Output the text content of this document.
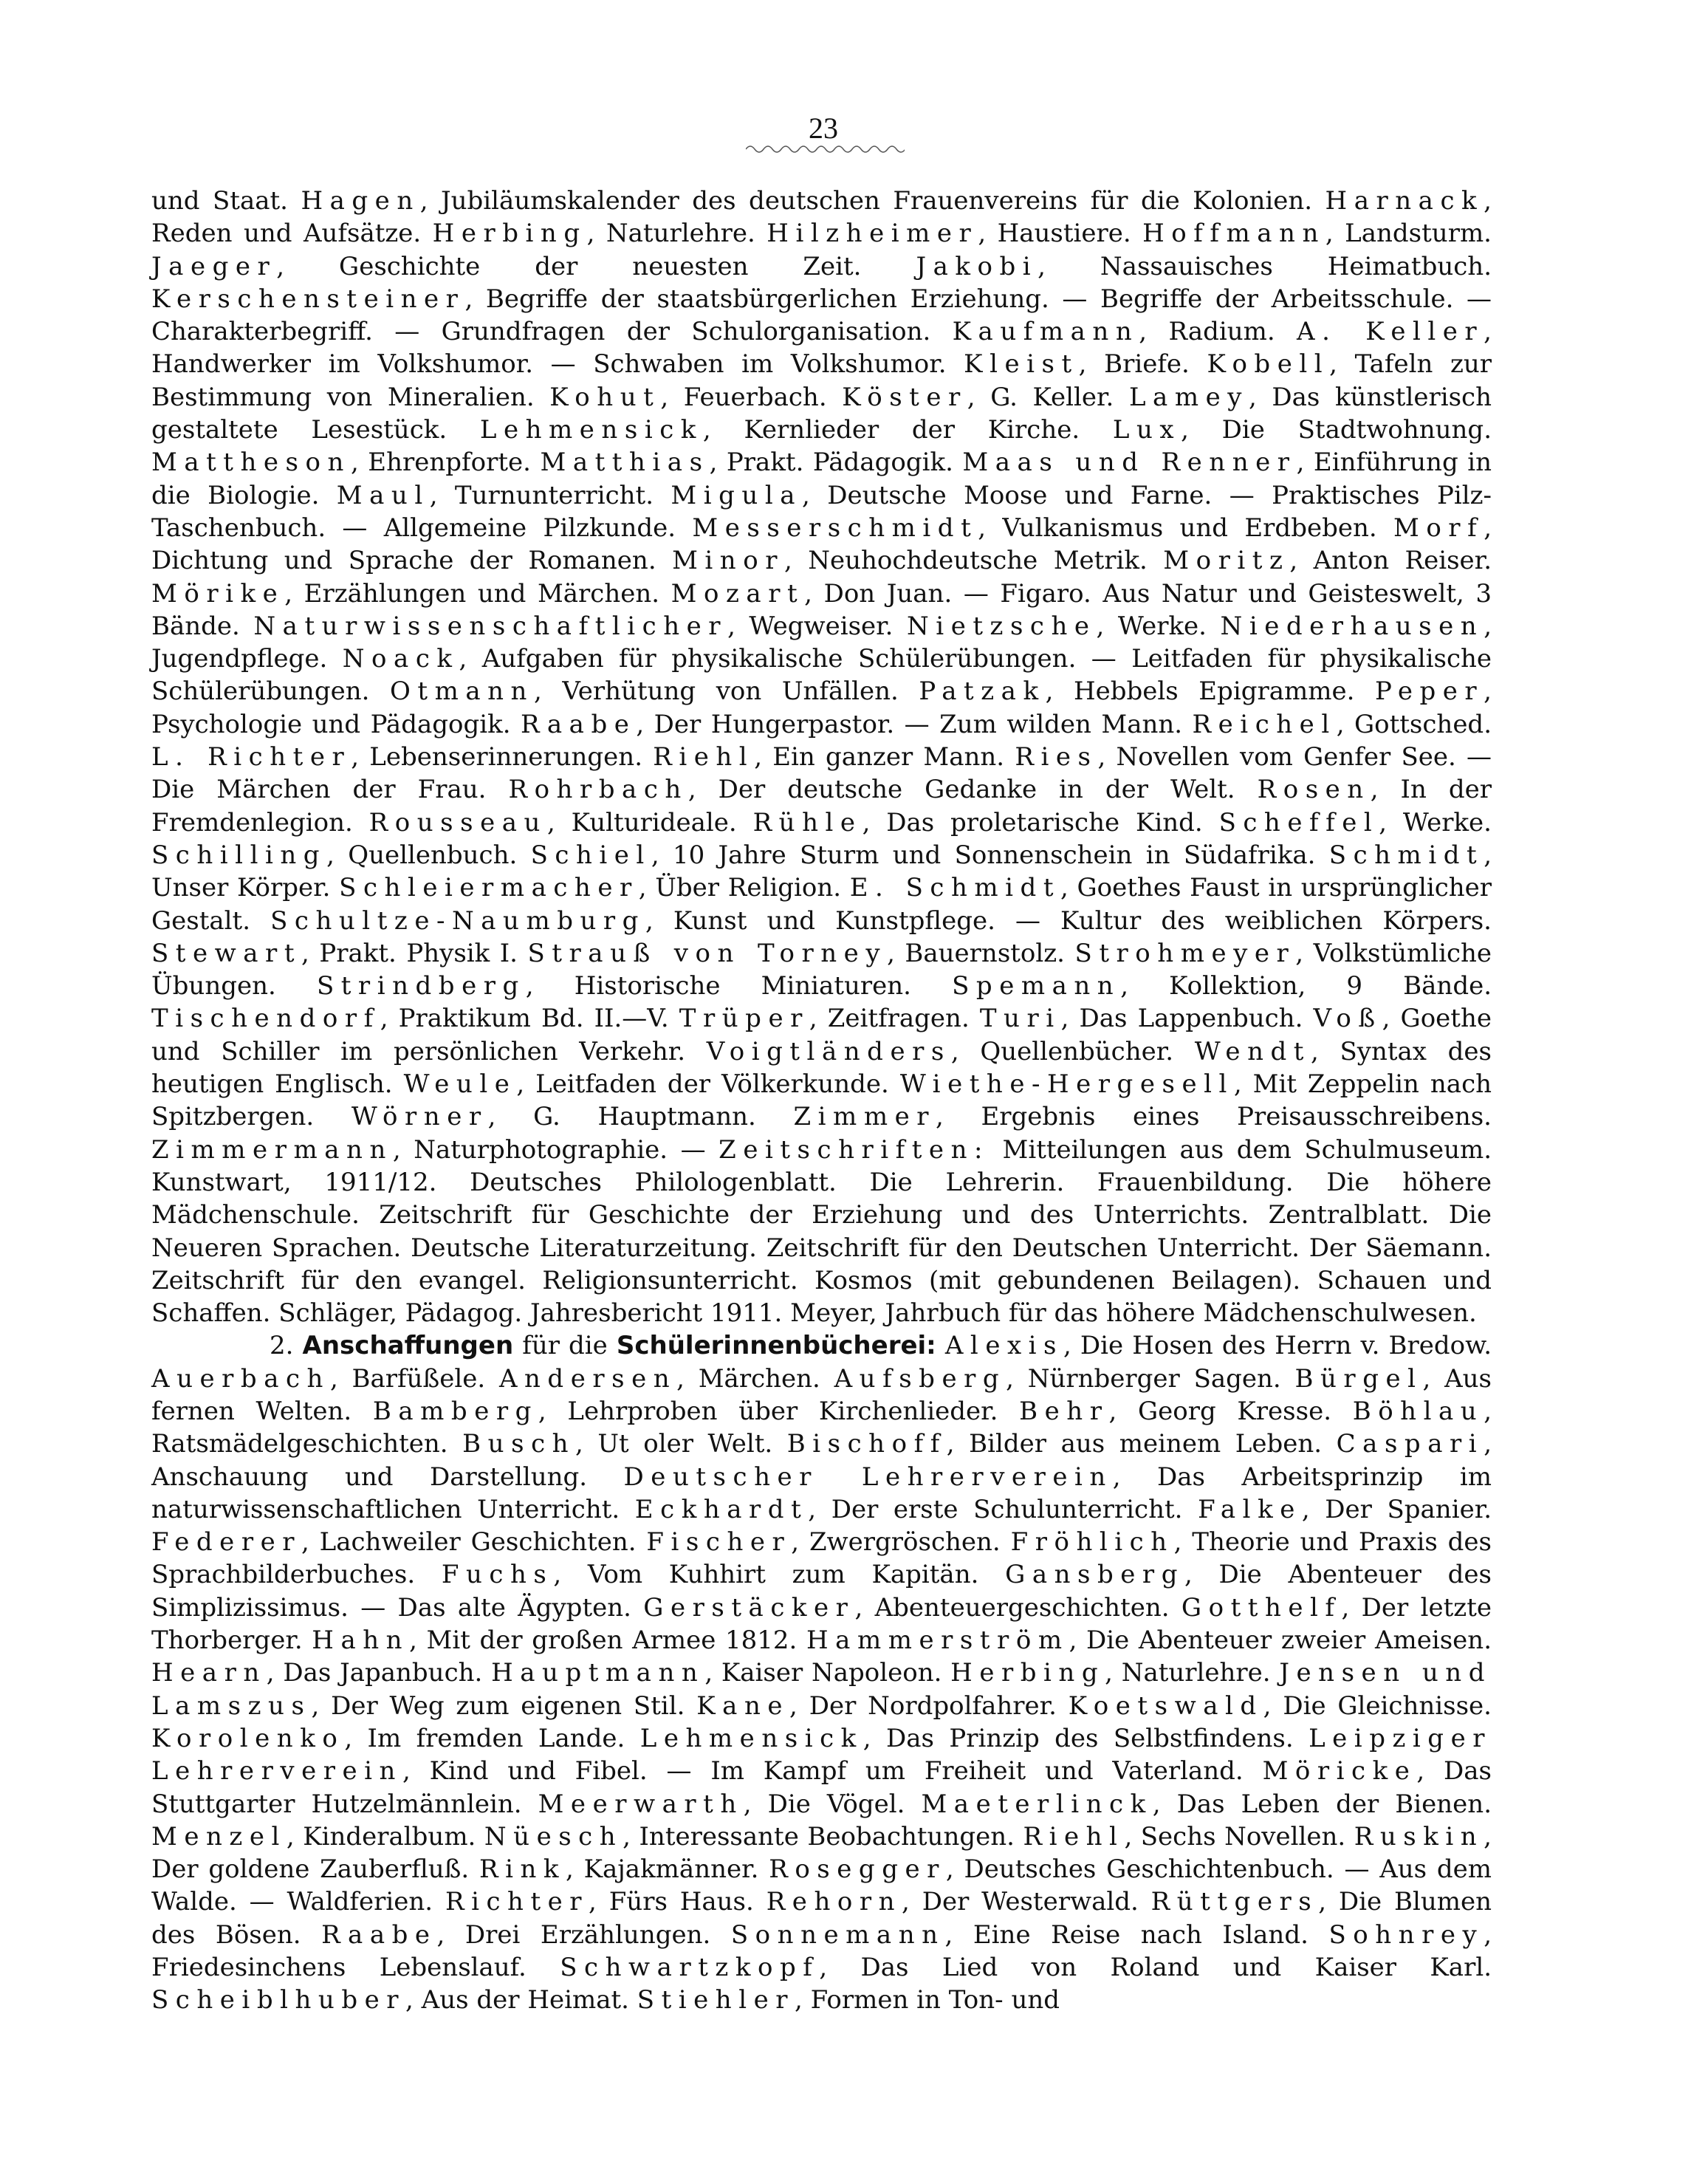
23

und Staat. Hagen, Jubiläumskalender des deutschen Frauenvereins für die Kolonien. Harnack, Reden und Aufsätze. Herbing, Naturlehre. Hilzheimer, Haustiere. Hoffmann, Landsturm. Jaeger, Geschichte der neuesten Zeit. Jakobi, Nassauisches Heimatbuch. Kerschensteiner, Begriffe der staatsbürgerlichen Erziehung. — Begriffe der Arbeitsschule. — Charakterbegriff. — Grundfragen der Schulorganisation. Kaufmann, Radium. A. Keller, Handwerker im Volkshumor. — Schwaben im Volkshumor. Kleist, Briefe. Kobell, Tafeln zur Bestimmung von Mineralien. Kohut, Feuerbach. Köster, G. Keller. Lamey, Das künstlerisch gestaltete Lesestück. Lehmensick, Kernlieder der Kirche. Lux, Die Stadtwohnung. Mattheson, Ehrenpforte. Matthias, Prakt. Pädagogik. Maas und Renner, Einführung in die Biologie. Maul, Turnunterricht. Migula, Deutsche Moose und Farne. — Praktisches Pilz-Taschenbuch. — Allgemeine Pilzkunde. Messerschmidt, Vulkanismus und Erdbeben. Morf, Dichtung und Sprache der Romanen. Minor, Neuhochdeutsche Metrik. Moritz, Anton Reiser. Mörike, Erzählungen und Märchen. Mozart, Don Juan. — Figaro. Aus Natur und Geisteswelt, 3 Bände. Naturwissenschaftlicher, Wegweiser. Nietzsche, Werke. Niederhausen, Jugendpflege. Noack, Aufgaben für physikalische Schülerübungen. — Leitfaden für physikalische Schülerübungen. Otmann, Verhütung von Unfällen. Patzak, Hebbels Epigramme. Peper, Psychologie und Pädagogik. Raabe, Der Hungerpastor. — Zum wilden Mann. Reichel, Gottsched. L. Richter, Lebenserinnerungen. Riehl, Ein ganzer Mann. Ries, Novellen vom Genfer See. — Die Märchen der Frau. Rohrbach, Der deutsche Gedanke in der Welt. Rosen, In der Fremdenlegion. Rousseau, Kulturideale. Rühle, Das proletarische Kind. Scheffel, Werke. Schilling, Quellenbuch. Schiel, 10 Jahre Sturm und Sonnenschein in Südafrika. Schmidt, Unser Körper. Schleiermacher, Über Religion. E. Schmidt, Goethes Faust in ursprünglicher Gestalt. Schultze-Naumburg, Kunst und Kunstpflege. — Kultur des weiblichen Körpers. Stewart, Prakt. Physik I. Strauß von Torney, Bauernstolz. Strohmeyer, Volkstümliche Übungen. Strindberg, Historische Miniaturen. Spemann, Kollektion, 9 Bände. Tischendorf, Praktikum Bd. II.—V. Trüper, Zeitfragen. Turi, Das Lappenbuch. Voß, Goethe und Schiller im persönlichen Verkehr. Voigtländers, Quellenbücher. Wendt, Syntax des heutigen Englisch. Weule, Leitfaden der Völkerkunde. Wiethe-Hergesell, Mit Zeppelin nach Spitzbergen. Wörner, G. Hauptmann. Zimmer, Ergebnis eines Preisausschreibens. Zimmermann, Naturphotographie. — Zeitschriften: Mitteilungen aus dem Schulmuseum. Kunstwart, 1911/12. Deutsches Philologenblatt. Die Lehrerin. Frauenbildung. Die höhere Mädchenschule. Zeitschrift für Geschichte der Erziehung und des Unterrichts. Zentralblatt. Die Neueren Sprachen. Deutsche Literaturzeitung. Zeitschrift für den Deutschen Unterricht. Der Säemann. Zeitschrift für den evangel. Religionsunterricht. Kosmos (mit gebundenen Beilagen). Schauen und Schaffen. Schläger, Pädagog. Jahresbericht 1911. Meyer, Jahrbuch für das höhere Mädchenschulwesen.

2. Anschaffungen für die Schülerinnenbücherei: Alexis, Die Hosen des Herrn v. Bredow. Auerbach, Barfüßele. Andersen, Märchen. Aufsberg, Nürnberger Sagen. Bürgel, Aus fernen Welten. Bamberg, Lehrproben über Kirchenlieder. Behr, Georg Kresse. Böhlau, Ratsmädelgeschichten. Busch, Ut oler Welt. Bischoff, Bilder aus meinem Leben. Caspari, Anschauung und Darstellung. Deutscher Lehrerverein, Das Arbeitsprinzip im naturwissenschaftlichen Unterricht. Eckhardt, Der erste Schulunterricht. Falke, Der Spanier. Federer, Lachweiler Geschichten. Fischer, Zwergröschen. Fröhlich, Theorie und Praxis des Sprachbilderbuches. Fuchs, Vom Kuhhirt zum Kapitän. Gansberg, Die Abenteuer des Simplizissimus. — Das alte Ägypten. Gerstäcker, Abenteuergeschichten. Gotthelf, Der letzte Thorberger. Hahn, Mit der großen Armee 1812. Hammerström, Die Abenteuer zweier Ameisen. Hearn, Das Japanbuch. Hauptmann, Kaiser Napoleon. Herbing, Naturlehre. Jensen und Lamszus, Der Weg zum eigenen Stil. Kane, Der Nordpolfahrer. Koetswald, Die Gleichnisse. Korolenko, Im fremden Lande. Lehmensick, Das Prinzip des Selbstfindens. Leipziger Lehrerverein, Kind und Fibel. — Im Kampf um Freiheit und Vaterland. Möricke, Das Stuttgarter Hutzelmännlein. Meerwarth, Die Vögel. Maeterlinck, Das Leben der Bienen. Menzel, Kinderalbum. Nüesch, Interessante Beobachtungen. Riehl, Sechs Novellen. Ruskin, Der goldene Zauberfluß. Rink, Kajakmänner. Rosegger, Deutsches Geschichtenbuch. — Aus dem Walde. — Waldferien. Richter, Fürs Haus. Rehorn, Der Westerwald. Rüttgers, Die Blumen des Bösen. Raabe, Drei Erzählungen. Sonnemann, Eine Reise nach Island. Sohnrey, Friedesinchens Lebenslauf. Schwartzkopf, Das Lied von Roland und Kaiser Karl. Scheiblhuber, Aus der Heimat. Stiehler, Formen in Ton- und
